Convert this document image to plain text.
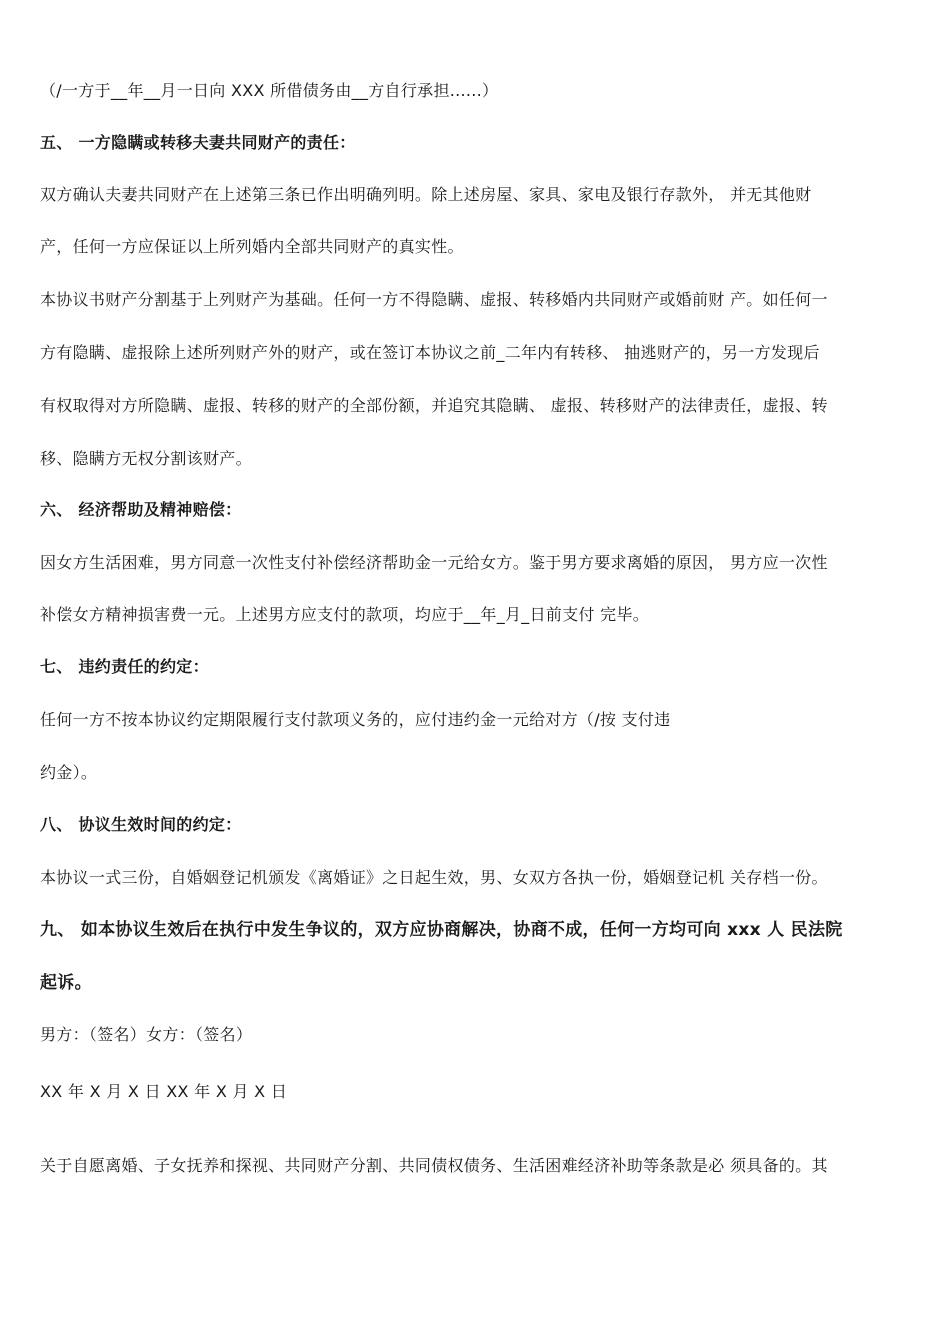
（/一方于__年__月一日向 XXX 所借债务由__方自行承担......）
五、 一方隐瞒或转移夫妻共同财产的责任：
双方确认夫妻共同财产在上述第三条已作出明确列明。除上述房屋、家具、家电及银行存款外， 并无其他财
产，任何一方应保证以上所列婚内全部共同财产的真实性。
本协议书财产分割基于上列财产为基础。任何一方不得隐瞒、虚报、转移婚内共同财产或婚前财 产。如任何一
方有隐瞒、虚报除上述所列财产外的财产，或在签订本协议之前_二年内有转移、 抽逃财产的，另一方发现后
有权取得对方所隐瞒、虚报、转移的财产的全部份额，并追究其隐瞒、 虚报、转移财产的法律责任，虚报、转
移、隐瞒方无权分割该财产。
六、 经济帮助及精神赔偿：
因女方生活困难，男方同意一次性支付补偿经济帮助金一元给女方。鉴于男方要求离婚的原因， 男方应一次性
补偿女方精神损害费一元。上述男方应支付的款项，均应于__年_月_日前支付 完毕。
七、 违约责任的约定：
任何一方不按本协议约定期限履行支付款项义务的，应付违约金一元给对方（/按 支付违
约金）。
八、 协议生效时间的约定：
本协议一式三份，自婚姻登记机颁发《离婚证》之日起生效，男、女双方各执一份，婚姻登记机 关存档一份。
九、 如本协议生效后在执行中发生争议的，双方应协商解决，协商不成，任何一方均可向 xxx 人 民法院
起诉。
男方：（签名）女方：（签名）
XX 年 X 月 X 日 XX 年 X 月 X 日
关于自愿离婚、子女抚养和探视、共同财产分割、共同债权债务、生活困难经济补助等条款是必 须具备的。其
